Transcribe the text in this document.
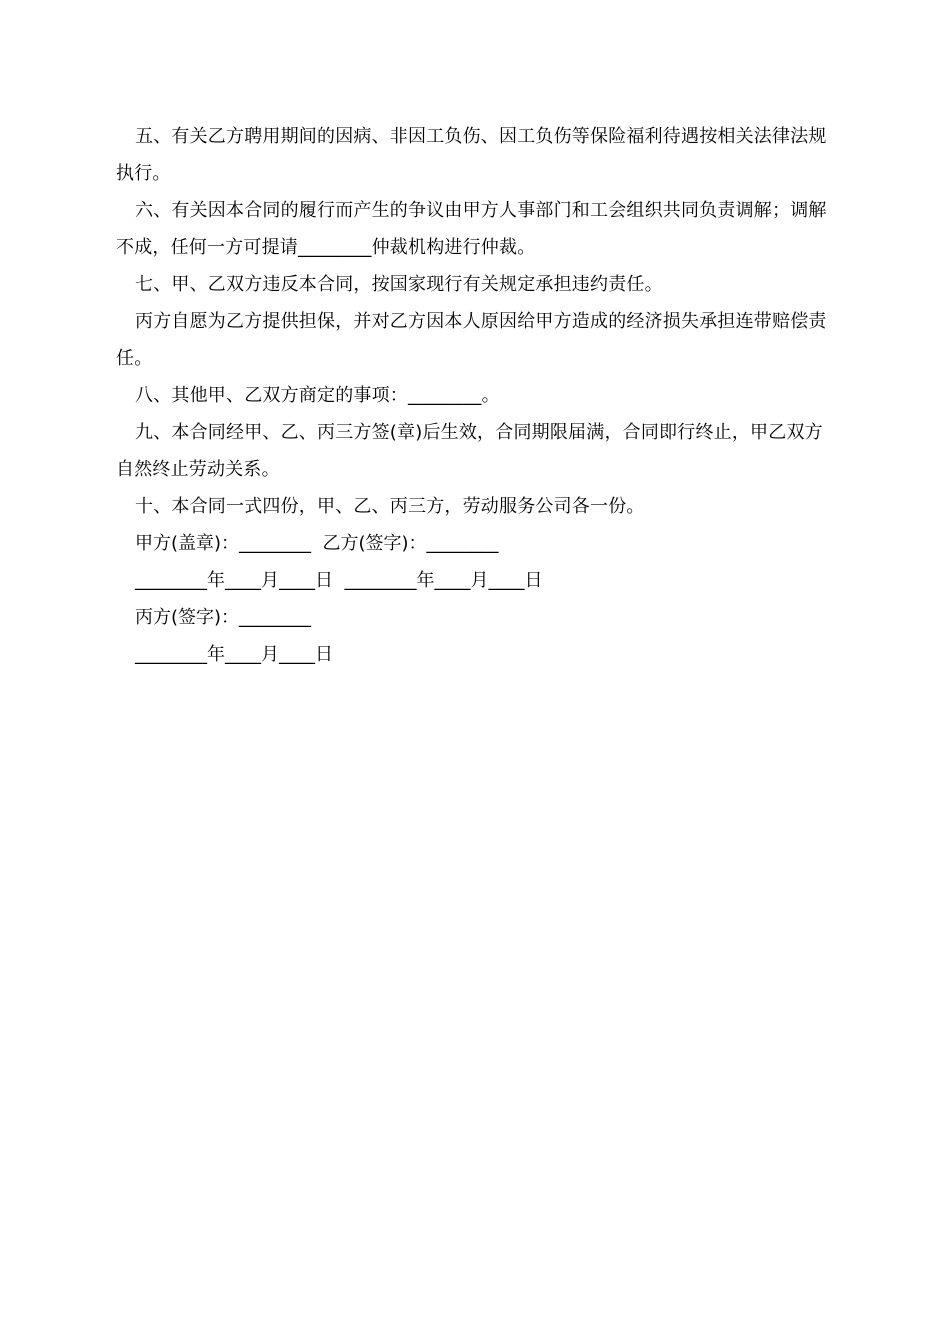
五、有关乙方聘用期间的因病、非因工负伤、因工负伤等保险福利待遇按相关法律法规执行。

六、有关因本合同的履行而产生的争议由甲方人事部门和工会组织共同负责调解；调解不成，任何一方可提请________仲裁机构进行仲裁。

七、甲、乙双方违反本合同，按国家现行有关规定承担违约责任。

丙方自愿为乙方提供担保，并对乙方因本人原因给甲方造成的经济损失承担连带赔偿责任。

八、其他甲、乙双方商定的事项：________。

九、本合同经甲、乙、丙三方签(章)后生效，合同期限届满，合同即行终止，甲乙双方自然终止劳动关系。

十、本合同一式四份，甲、乙、丙三方，劳动服务公司各一份。

甲方(盖章)：________  乙方(签字)：________

________年____月____日  ________年____月____日

丙方(签字)：________

________年____月____日
